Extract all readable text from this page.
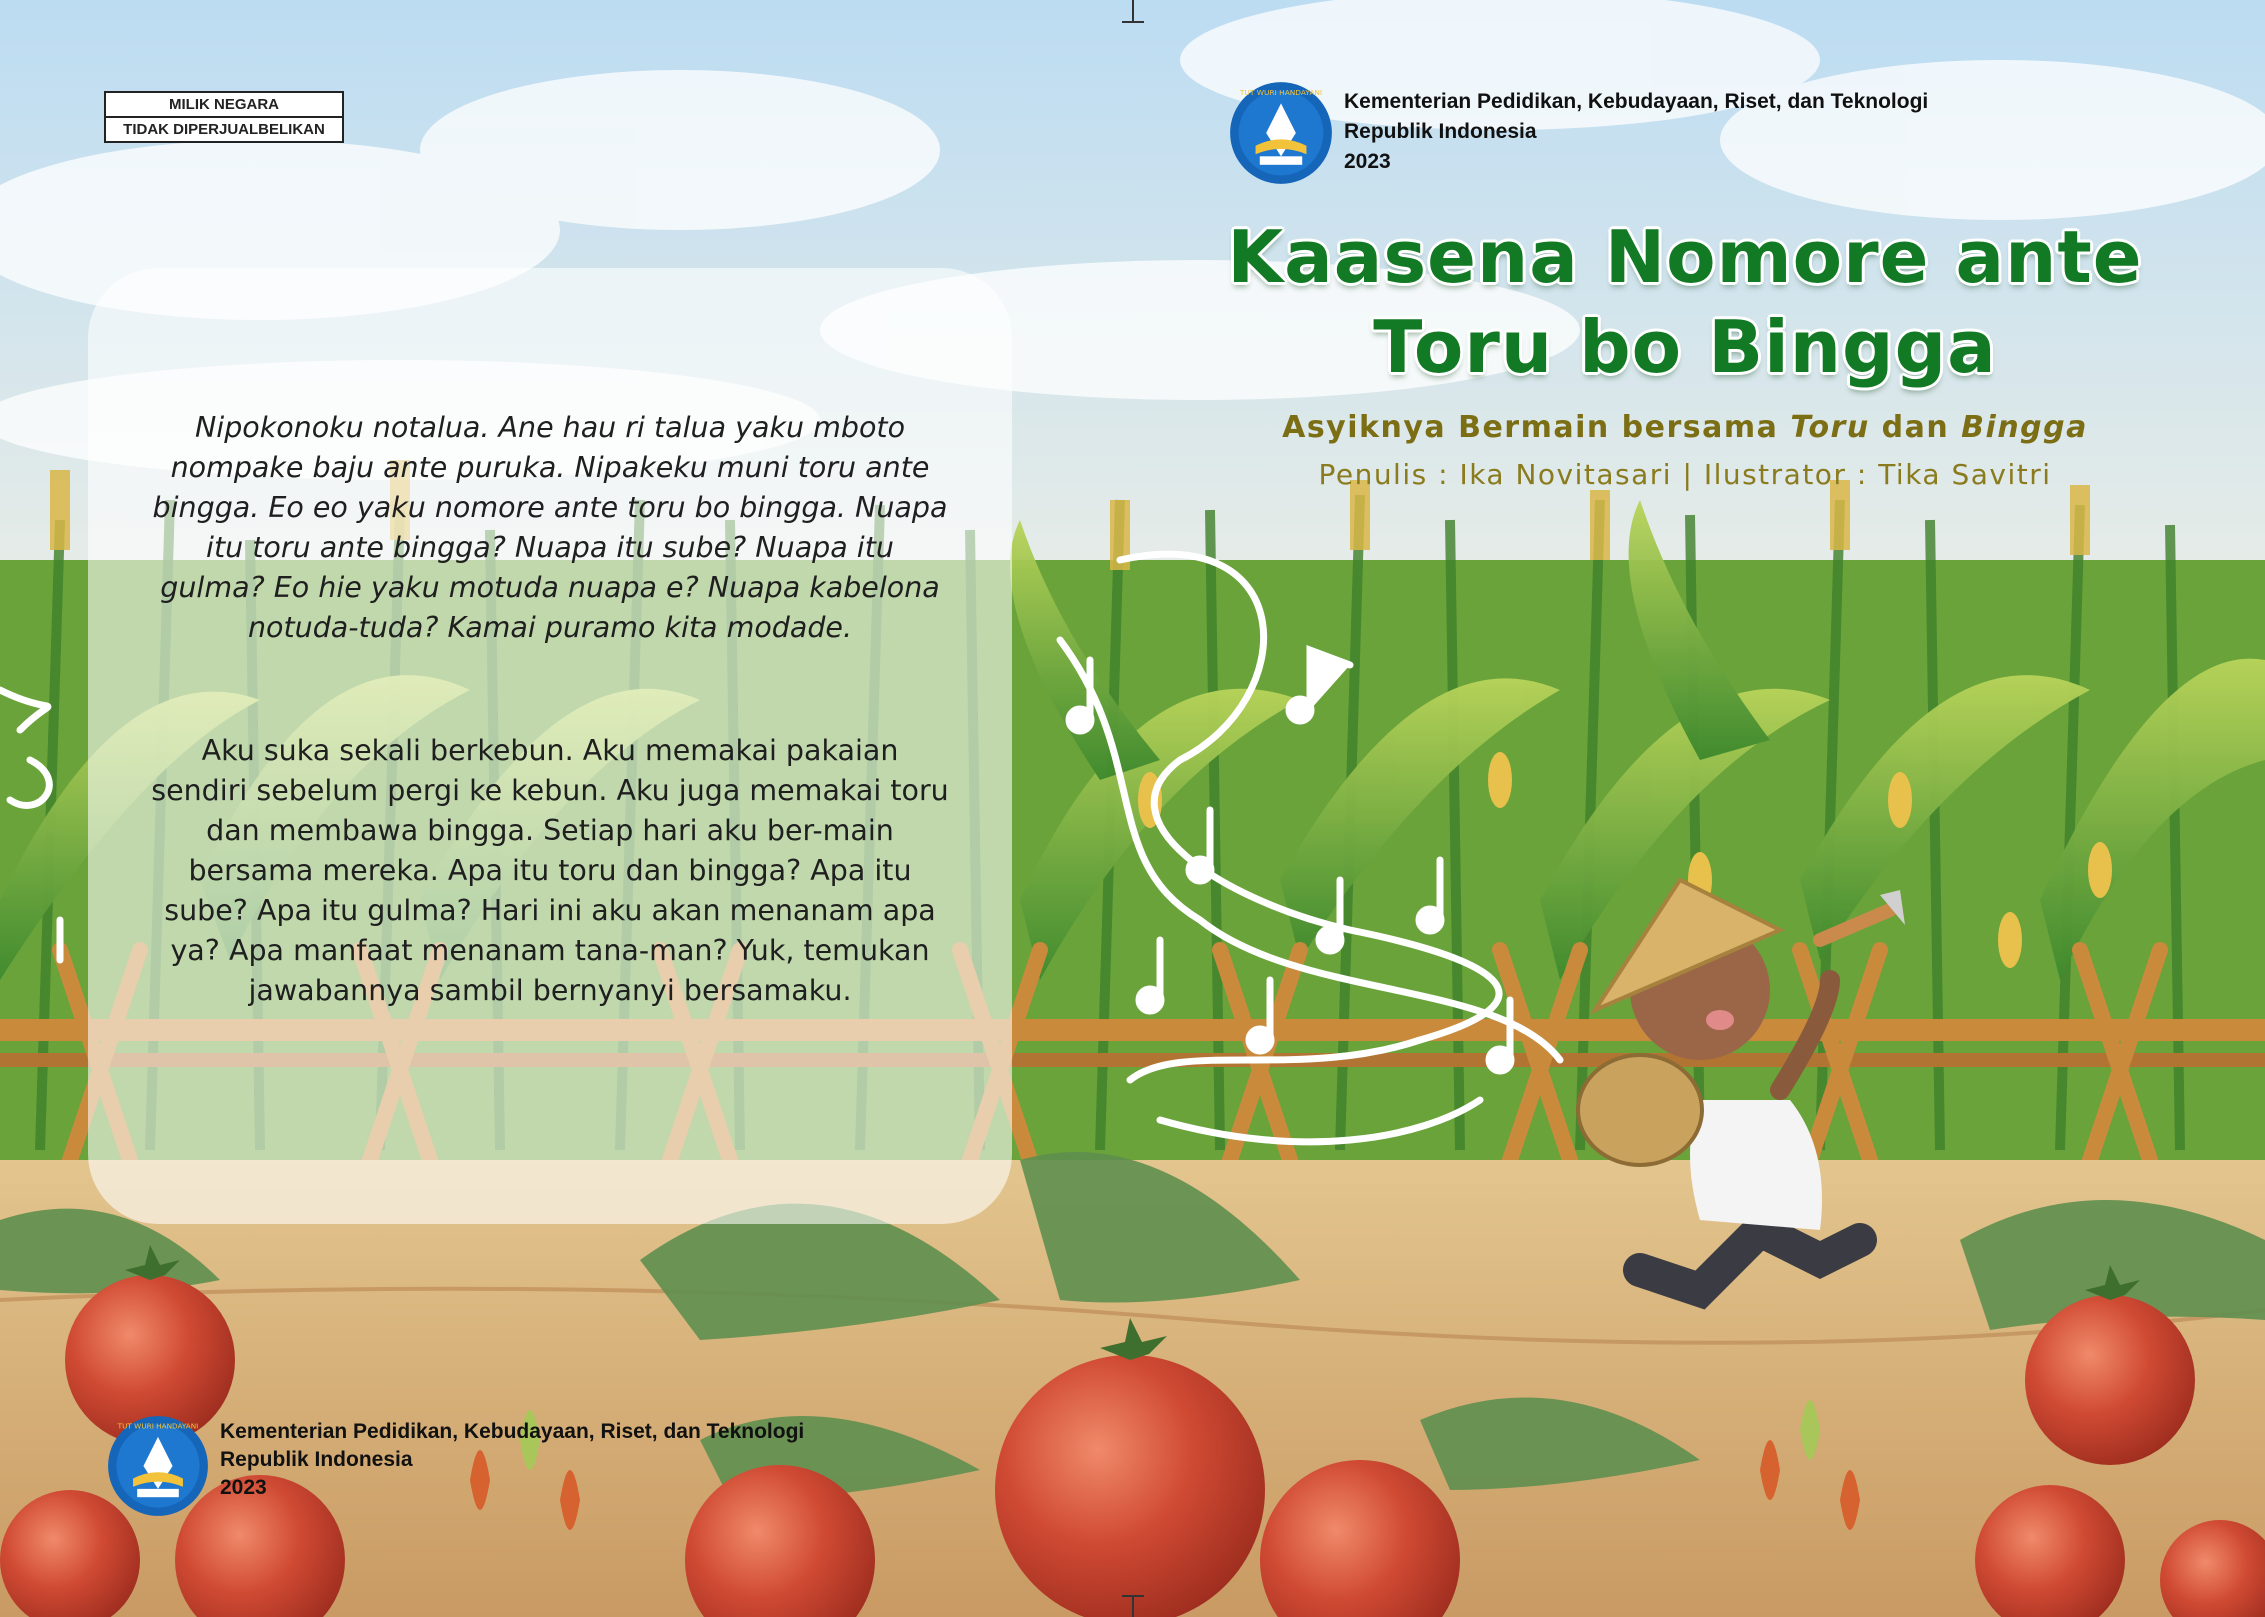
MILIK NEGARA
TIDAK DIPERJUALBELIKAN

Nipokonoku notalua. Ane hau ri talua yaku mboto nompake baju ante puruka. Nipakeku muni toru ante bingga. Eo eo yaku nomore ante toru bo bingga. Nuapa itu toru ante bingga? Nuapa itu sube? Nuapa itu gulma? Eo hie yaku motuda nuapa e? Nuapa kabelona notuda-tuda? Kamai puramo kita modade.

Aku suka sekali berkebun. Aku memakai pakaian sendiri sebelum pergi ke kebun. Aku juga memakai toru dan membawa bingga. Setiap hari aku ber-main bersama mereka. Apa itu toru dan bingga? Apa itu sube? Apa itu gulma? Hari ini aku akan menanam apa ya? Apa manfaat menanam tana-man? Yuk, temukan jawabannya sambil bernyanyi bersamaku.

TUT WURI HANDAYANI Kementerian Pedidikan, Kebudayaan, Riset, dan Teknologi
Republik Indonesia
2023
TUT WURI HANDAYANI Kementerian Pedidikan, Kebudayaan, Riset, dan Teknologi
Republik Indonesia
2023
Kaasena Nomore ante
Toru bo Bingga
Asyiknya Bermain bersama Toru dan Bingga
Penulis : Ika Novitasari | Ilustrator : Tika Savitri
